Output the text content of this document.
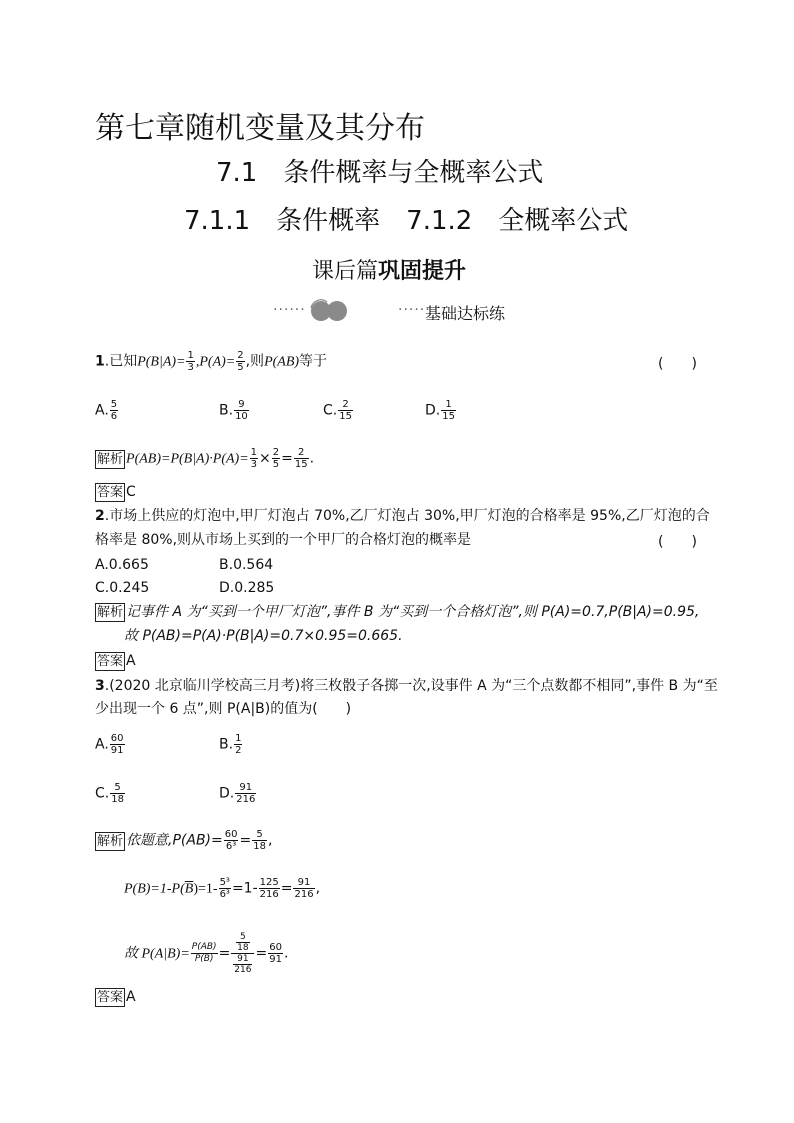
第七章随机变量及其分布
7.1　条件概率与全概率公式
7.1.1　条件概率　7.1.2　全概率公式
课后篇巩固提升
······	······
基础达标练
1.已知$P(B|A)= \frac{1}{3} ,P(A)= \frac{2}{5}$ ,则P(AB)等于	(　　)
A. $\frac{5}{6}$	B. $\frac{9}{10}$	C. $\frac{2}{15}$	D. $\frac{1}{15}$
解析 $P(AB)=P(B|A)\cdot P(A)= \frac{1}{3} \times \frac{2}{5} = \frac{2}{15}$ .
答案 C
2.市场上供应的灯泡中,甲厂灯泡占 70%,乙厂灯泡占 30%,甲厂灯泡的合格率是 95%,乙厂灯泡的合
格率是 80%,则从市场上买到的一个甲厂的合格灯泡的概率是	(　　)
A.0.665	B.0.564
C.0.245	D.0.285
解析 记事件 A 为“买到一个甲厂灯泡”,事件 B 为“买到一个合格灯泡”,则 P(A)=0.7,P(B|A)=0.95,
故 P(AB)=P(A)·P(B|A)=0.7×0.95=0.665.
答案 A
3.(2020 北京临川学校高三月考)将三枚骰子各掷一次,设事件 A 为“三个点数都不相同”,事件 B 为“至
少出现一个 6 点”,则 P(A|B)的值为(　　)
A. $\frac{60}{91}$	B. $\frac{1}{2}$
C. $\frac{5}{18}$	D. $\frac{91}{216}$
解析 依题意$,P(AB)= \frac{60}{\text{6³}} = \frac{5}{18}$ ,
$P(B)=1-P(\overline{B})=1- \frac{\text{5³}}{\text{6³}} =1- \frac{125}{216} = \frac{91}{216}$ ,
故 $P(A|B)= \frac{P(AB)}{P(B)} = \frac{\frac{5}{18}}{\frac{91}{216}} = \frac{60}{91}$ .
答案 A
